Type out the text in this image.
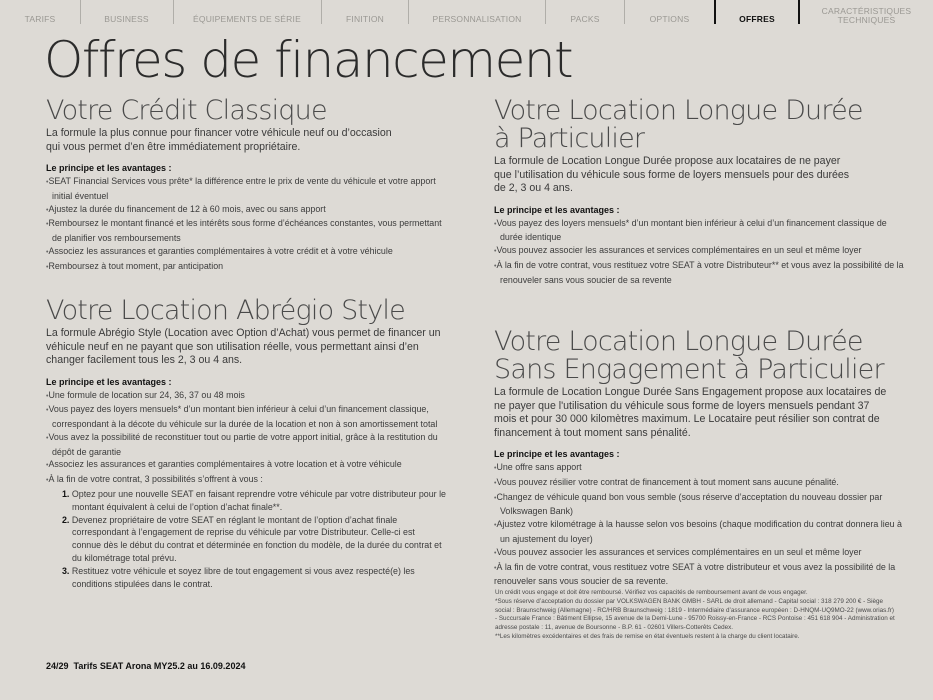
TARIFS	BUSINESS	ÉQUIPEMENTS DE SÉRIE	FINITION	PERSONNALISATION	PACKS	OPTIONS	OFFRES
CARACTÉRISTIQUES TECHNIQUES
Offres de financement
Votre Crédit Classique

La formule la plus connue pour financer votre véhicule neuf ou d’occasion qui vous permet d’en être immédiatement propriétaire.

Le principe et les avantages :
• SEAT Financial Services vous prête* la différence entre le prix de vente du véhicule et votre apport initial éventuel
• Ajustez la durée du financement de 12 à 60 mois, avec ou sans apport
• Remboursez le montant financé et les intérêts sous forme d’échéances constantes, vous permettant de planifier vos remboursements
• Associez les assurances et garanties complémentaires à votre crédit et à votre véhicule
• Remboursez à tout moment, par anticipation
Votre Location Abrégio Style

La formule Abrégio Style (Location avec Option d’Achat) vous permet de financer un véhicule neuf en ne payant que son utilisation réelle, vous permettant ainsi d’en changer facilement tous les 2, 3 ou 4 ans.

Le principe et les avantages :
• Une formule de location sur 24, 36, 37 ou 48 mois
• Vous payez des loyers mensuels* d’un montant bien inférieur à celui d’un financement classique, correspondant à la décote du véhicule sur la durée de la location et non à son amortissement total
• Vous avez la possibilité de reconstituer tout ou partie de votre apport initial, grâce à la restitution du dépôt de garantie
• Associez les assurances et garanties complémentaires à votre location et à votre véhicule
• À la fin de votre contrat, 3 possibilités s’offrent à vous :
1. Optez pour une nouvelle SEAT en faisant reprendre votre véhicule par votre distributeur pour le montant équivalent à celui de l’option d’achat finale**.
2. Devenez propriétaire de votre SEAT en réglant le montant de l’option d’achat finale correspondant à l’engagement de reprise du véhicule par votre Distributeur. Celle-ci est connue dès le début du contrat et déterminée en fonction du modèle, de la durée du contrat et du kilométrage total prévu.
3. Restituez votre véhicule et soyez libre de tout engagement si vous avez respecté(e) les conditions stipulées dans le contrat.
Votre Location Longue Durée
à Particulier

La formule de Location Longue Durée propose aux locataires de ne payer que l’utilisation du véhicule sous forme de loyers mensuels pour des durées de 2, 3 ou 4 ans.

Le principe et les avantages :
• Vous payez des loyers mensuels* d’un montant bien inférieur à celui d’un financement classique de durée identique
• Vous pouvez associer les assurances et services complémentaires en un seul et même loyer
• À la fin de votre contrat, vous restituez votre SEAT à votre Distributeur** et vous avez la possibilité de la renouveler sans vous soucier de sa revente
Votre Location Longue Durée
Sans Engagement à Particulier

La formule de Location Longue Durée Sans Engagement propose aux locataires de ne payer que l'utilisation du véhicule sous forme de loyers mensuels pendant 37 mois et pour 30 000 kilomètres maximum. Le Locataire peut résilier son contrat de financement à tout moment sans pénalité.

Le principe et les avantages :
• Une offre sans apport
• Vous pouvez résilier votre contrat de financement à tout moment sans aucune pénalité.
• Changez de véhicule quand bon vous semble (sous réserve d’acceptation du nouveau dossier par Volkswagen Bank)
• Ajustez votre kilométrage à la hausse selon vos besoins (chaque modification du contrat donnera lieu à un ajustement du loyer)
• Vous pouvez associer les assurances et services complémentaires en un seul et même loyer
• À la fin de votre contrat, vous restituez votre SEAT à votre distributeur et vous avez la possibilité de la renouveler sans vous soucier de sa revente.

Un crédit vous engage et doit être remboursé. Vérifiez vos capacités de remboursement avant de vous engager.

*Sous réserve d’acceptation du dossier par VOLKSWAGEN BANK GMBH - SARL de droit allemand - Capital social : 318 279 200 € - Siège social : Braunschweig (Allemagne) - RC/HRB Braunschweig : 1819 - Intermédiaire d’assurance européen : D-HNQM-UQ9MO-22 (www.orias.fr) - Succursale France : Bâtiment Ellipse, 15 avenue de la Demi-Lune - 95700 Roissy-en-France - RCS Pontoise : 451 618 904 - Administration et adresse postale : 11, avenue de Boursonne - B.P. 61 - 02601 Villers-Cotterêts Cedex.

**Les kilomètres excédentaires et des frais de remise en état éventuels restent à la charge du client locataire.

24/29 Tarifs SEAT Arona MY25.2 au 16.09.2024
